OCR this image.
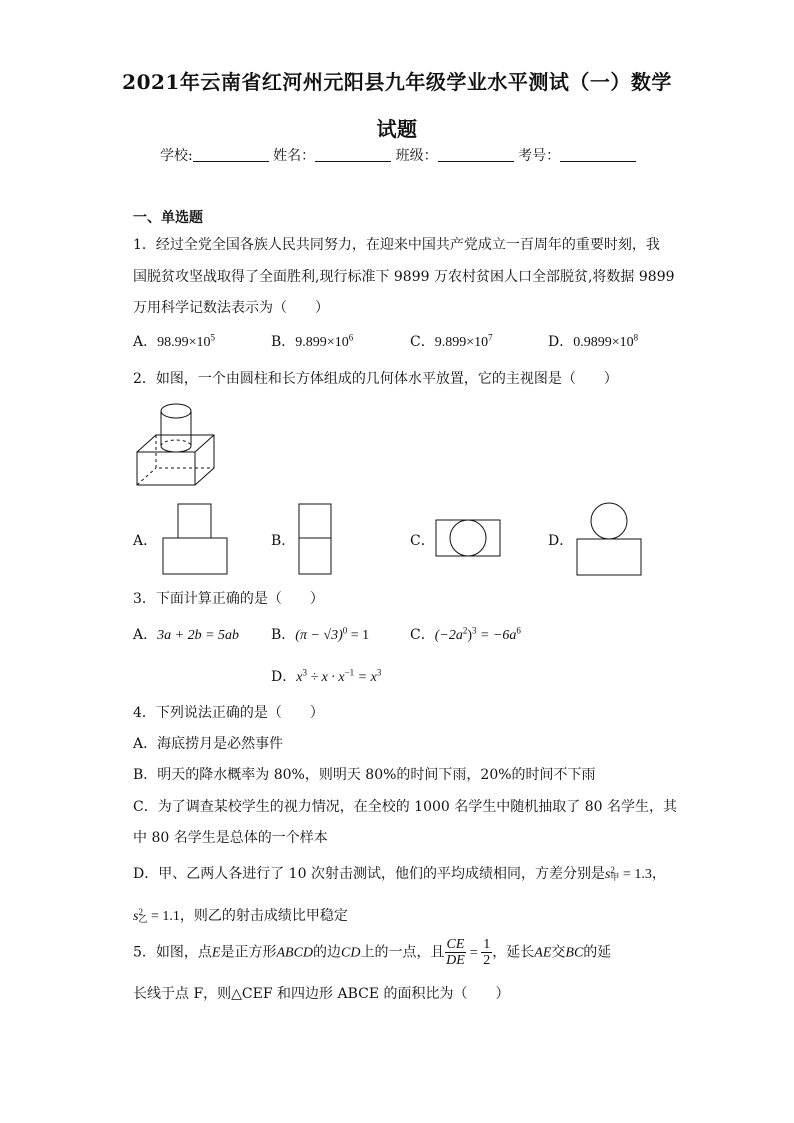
2021年云南省红河州元阳县九年级学业水平测试（一）数学
试题
学校:	姓名：	班级：	考号：
一、单选题
1．经过全党全国各族人民共同努力，在迎来中国共产党成立一百周年的重要时刻，我
国脱贫攻坚战取得了全面胜利,现行标准下 9899 万农村贫困人口全部脱贫,将数据 9899
万用科学记数法表示为（　　）
A．$98.99\times 10^5$	B．$9.899\times 10^6$	C．$9.899\times 10^7$	D．$0.9899\times 10^8$
2．如图，一个由圆柱和长方体组成的几何体水平放置，它的主视图是（　　）
A．	B．	C．	D．
3．下面计算正确的是（　　）
A．3a + 2b = 5ab B．$(\pi - √3)^0 = 1$	C．$(-2a^2)^3 = -6a^6$
D．$x^3 \div x \cdot x^{-1} = x^3$
4．下列说法正确的是（　　）
A．海底捞月是必然事件
B．明天的降水概率为 80%，则明天 80%的时间下雨，20%的时间不下雨
C．为了调查某校学生的视力情况，在全校的 1000 名学生中随机抽取了 80 名学生，其
中 80 名学生是总体的一个样本
D．甲、乙两人各进行了 10 次射击测试，他们的平均成绩相同，方差分别是s 2
甲 = 1.3，
s 2
乙 = 1.1，则乙的射击成绩比甲稳定
5．如图，点E是正方形ABCD的边CD上的一点，且 $\frac{CE}{DE} = \frac{1}{2}$ ，延长AE交BC的延
长线于点 F，则△CEF 和四边形 ABCE 的面积比为（　　）
